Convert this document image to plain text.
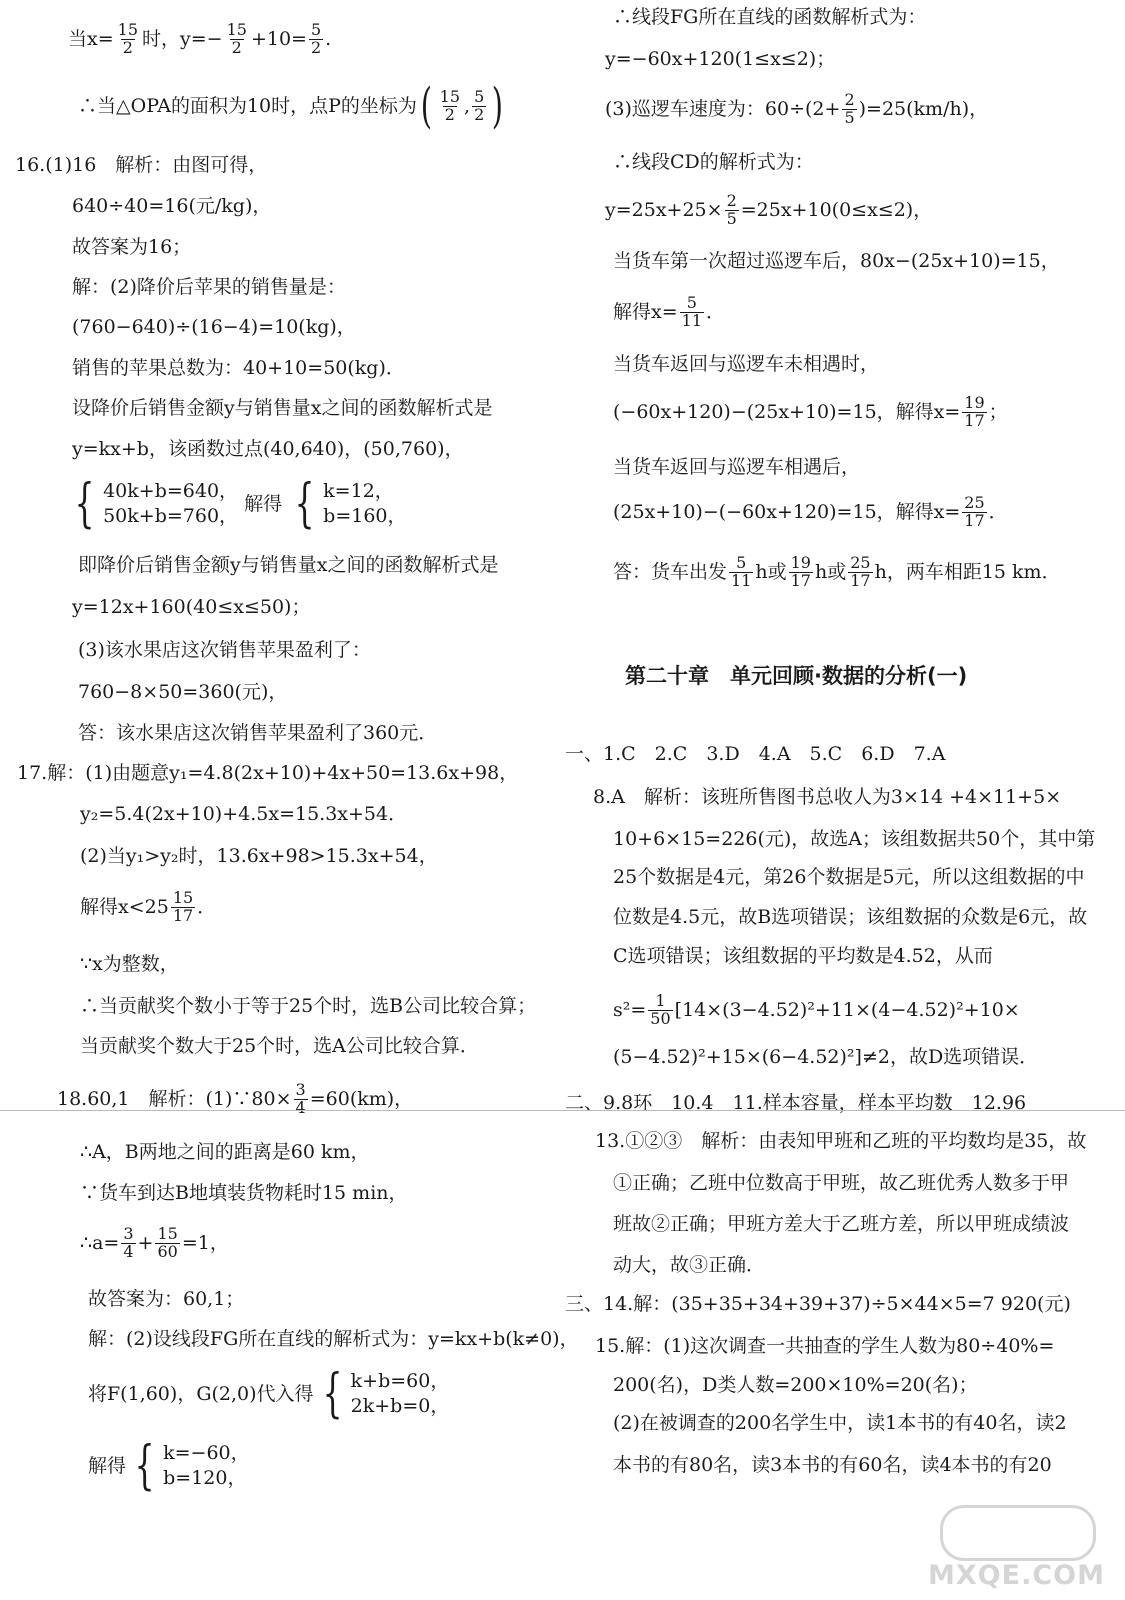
当$x= \frac{15}{2}$ 时，$y=- \frac{15}{2} +10= \frac{5}{2}$ .
∴当△OPA的面积为10时，点P的坐标为 ( $\frac{15}{2}$ , $\frac{5}{2}$ )
16.(1)16　解析：由图可得，
640÷40=16(元/kg)，
故答案为16；
解：(2)降价后苹果的销售量是：
(760−640)÷(16−4)=10(kg)，
销售的苹果总数为：40+10=50(kg)．
设降价后销售金额y与销售量x之间的函数解析式是
y=kx+b，该函数过点(40,640)，(50,760)，
{ 40k+b=640，
50k+b=760，
解得 { k=12，
b=160，
即降价后销售金额y与销售量x之间的函数解析式是
y=12x+160(40≤x≤50)；
(3)该水果店这次销售苹果盈利了：
760−8×50=360(元)，
答：该水果店这次销售苹果盈利了360元．
17.解：(1)由题意y₁=4.8(2x+10)+4x+50=13.6x+98，
y₂=5.4(2x+10)+4.5x=15.3x+54．
(2)当y₁>y₂时，13.6x+98>15.3x+54，
解得$x<25 \frac{15}{17}$ ．
∵x为整数，
∴当贡献奖个数小于等于25个时，选B公司比较合算；
当贡献奖个数大于25个时，选A公司比较合算．
18.60,1　解析：(1)∵80× $\frac{3}{4} =60(km)$，
∴A，B两地之间的距离是60 km，
∵货车到达B地填装货物耗时15 min，
∴a= $\frac{3}{4} + \frac{15}{60} =1$，
故答案为：60,1；
解：(2)设线段FG所在直线的解析式为：y=kx+b(k≠0)，
将F(1,60)，G(2,0)代入得 { k+b=60，
2k+b=0，
解得 { k=−60，
b=120，
∴线段FG所在直线的函数解析式为：
y=−60x+120(1≤x≤2)；
(3)巡逻车速度为：$60\div(2+ \frac{2}{5} )=25(km/h)$，
∴线段CD的解析式为：
$y=25x+25\times \frac{2}{5} =25x+10(0\le x\le 2)$，
当货车第一次超过巡逻车后，80x−(25x+10)=15，
解得$x= \frac{5}{11}$ ．
当货车返回与巡逻车未相遇时，
(−60x+120)−(25x+10)=15，解得$x= \frac{19}{17}$ ；
当货车返回与巡逻车相遇后，
(25x+10)−(−60x+120)=15，解得$x= \frac{25}{17}$ ．
答：货车出发 $\frac{5}{11}$ h或 $\frac{19}{17}$ h或 $\frac{25}{17}$ h，两车相距15 km．
第二十章　单元回顾·数据的分析(一)
一、1.C　2.C　3.D　4.A　5.C　6.D　7.A
8.A　解析：该班所售图书总收人为3×14 +4×11+5×
10+6×15=226(元)，故选A；该组数据共50个，其中第
25个数据是4元，第26个数据是5元，所以这组数据的中
位数是4.5元，故B选项错误；该组数据的众数是6元，故
C选项错误；该组数据的平均数是4.52，从而
$s^2= \frac{1}{50} [14\times(3-4.52)^2+11\times(4-4.52)^2+10\times$
(5−4.52)²+15×(6−4.52)²]≠2，故D选项错误．
二、9.8环　10.4　11.样本容量，样本平均数　12.96
13.①②③　解析：由表知甲班和乙班的平均数均是35，故
①正确；乙班中位数高于甲班，故乙班优秀人数多于甲
班故②正确；甲班方差大于乙班方差，所以甲班成绩波
动大，故③正确．
三、14.解：(35+35+34+39+37)÷5×44×5=7 920(元)
15.解：(1)这次调查一共抽查的学生人数为80÷40%=
200(名)，D类人数=200×10%=20(名)；
(2)在被调查的200名学生中，读1本书的有40名，读2
本书的有80名，读3本书的有60名，读4本书的有20
MXQE.COM
